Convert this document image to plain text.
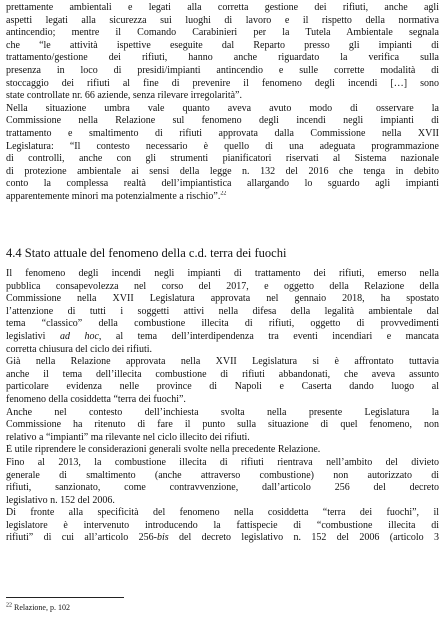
prettamente ambientali e legati alla corretta gestione dei rifiuti, anche agli
aspetti legati alla sicurezza sui luoghi di lavoro e il rispetto della normativa
antincendio; mentre il Comando Carabinieri per la Tutela Ambientale segnala
che “le attività ispettive eseguite dal Reparto presso gli impianti di
trattamento/gestione dei rifiuti, hanno anche riguardato la verifica sulla
presenza in loco di presidi/impianti antincendio e sulle corrette modalità di
stoccaggio dei rifiuti al fine di prevenire il fenomeno degli incendi […] sono
state controllate nr. 66 aziende, senza rilevare irregolarità”.
Nella situazione umbra vale quanto aveva avuto modo di osservare la
Commissione nella Relazione sul fenomeno degli incendi negli impianti di
trattamento e smaltimento di rifiuti approvata dalla Commissione nella XVII
Legislatura: “Il contesto necessario è quello di una adeguata programmazione
di controlli, anche con gli strumenti pianificatori riservati al Sistema nazionale
di protezione ambientale ai sensi della legge n. 132 del 2016 che tenga in debito
conto la complessa realtà dell’impiantistica allargando lo sguardo agli impianti
apparentemente minori ma potenzialmente a rischio”.$^{22}$
4.4 Stato attuale del fenomeno della c.d. terra dei fuochi
Il fenomeno degli incendi negli impianti di trattamento dei rifiuti, emerso nella
pubblica consapevolezza nel corso del 2017, e oggetto della Relazione della
Commissione nella XVII Legislatura approvata nel gennaio 2018, ha spostato
l’attenzione di tutti i soggetti attivi nella difesa della legalità ambientale dal
tema “classico” della combustione illecita di rifiuti, oggetto di provvedimenti
legislativi ad hoc, al tema dell’interdipendenza tra eventi incendiari e mancata
corretta chiusura del ciclo dei rifiuti.
Già nella Relazione approvata nella XVII Legislatura si è affrontato tuttavia
anche il tema dell’illecita combustione di rifiuti abbandonati, che aveva assunto
particolare evidenza nelle province di Napoli e Caserta dando luogo al
fenomeno della cosiddetta “terra dei fuochi”.
Anche nel contesto dell’inchiesta svolta nella presente Legislatura la
Commissione ha ritenuto di fare il punto sulla situazione di quel fenomeno, non
relativo a “impianti” ma rilevante nel ciclo illecito dei rifiuti.
È utile riprendere le considerazioni generali svolte nella precedente Relazione.
Fino al 2013, la combustione illecita di rifiuti rientrava nell’ambito del divieto
generale di smaltimento (anche attraverso combustione) non autorizzato di
rifiuti, sanzionato, come contravvenzione, dall’articolo 256 del decreto
legislativo n. 152 del 2006.
Di fronte alla specificità del fenomeno nella cosiddetta “terra dei fuochi”, il
legislatore è intervenuto introducendo la fattispecie di “combustione illecita di
rifiuti” di cui all’articolo 256-bis del decreto legislativo n. 152 del 2006 (articolo 3
$^{22}$ Relazione, p. 102
